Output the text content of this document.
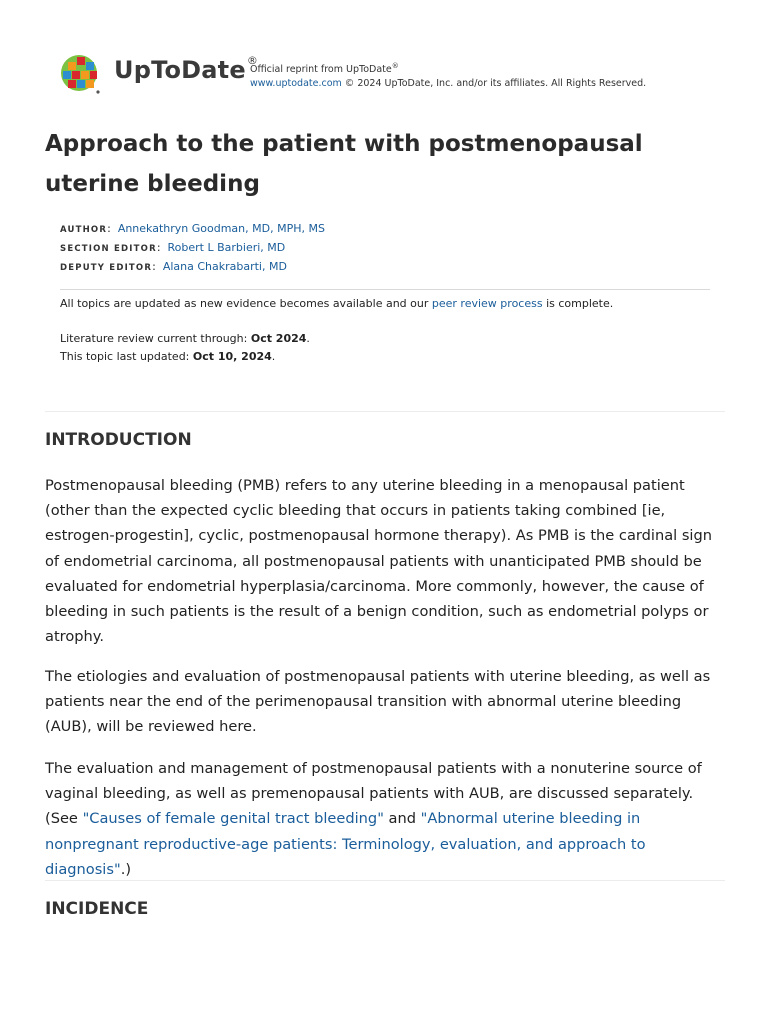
UpToDate®
Official reprint from UpToDate®
www.uptodate.com © 2024 UpToDate, Inc. and/or its affiliates. All Rights Reserved.
Approach to the patient with postmenopausal uterine bleeding
AUTHOR:  Annekathryn Goodman, MD, MPH, MS
SECTION EDITOR:  Robert L Barbieri, MD
DEPUTY EDITOR:  Alana Chakrabarti, MD
All topics are updated as new evidence becomes available and our peer review process is complete.
Literature review current through: Oct 2024.
This topic last updated: Oct 10, 2024.
INTRODUCTION

Postmenopausal bleeding (PMB) refers to any uterine bleeding in a menopausal patient (other than the expected cyclic bleeding that occurs in patients taking combined [ie, estrogen-progestin], cyclic, postmenopausal hormone therapy). As PMB is the cardinal sign of endometrial carcinoma, all postmenopausal patients with unanticipated PMB should be evaluated for endometrial hyperplasia/carcinoma. More commonly, however, the cause of bleeding in such patients is the result of a benign condition, such as endometrial polyps or atrophy.

The etiologies and evaluation of postmenopausal patients with uterine bleeding, as well as patients near the end of the perimenopausal transition with abnormal uterine bleeding (AUB), will be reviewed here.

The evaluation and management of postmenopausal patients with a nonuterine source of vaginal bleeding, as well as premenopausal patients with AUB, are discussed separately. (See "Causes of female genital tract bleeding" and "Abnormal uterine bleeding in nonpregnant reproductive-age patients: Terminology, evaluation, and approach to diagnosis".)

INCIDENCE
